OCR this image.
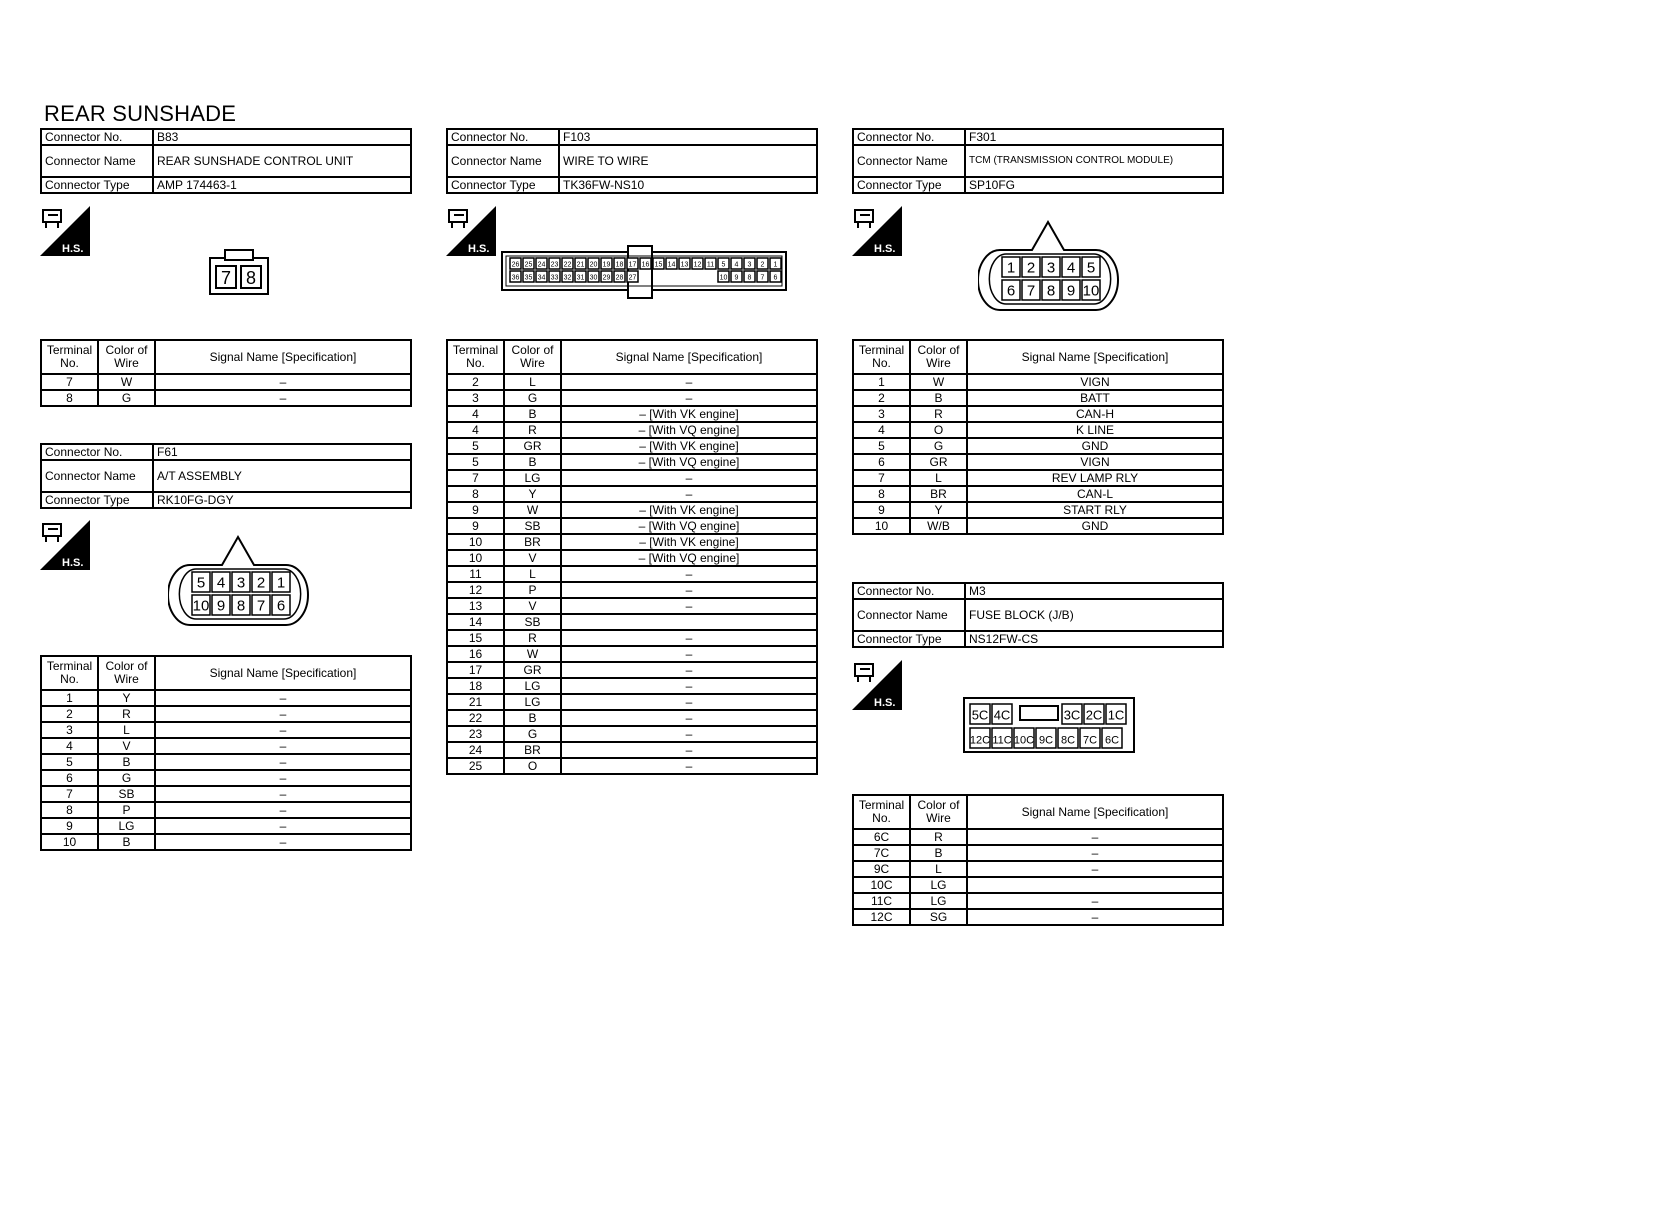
REAR SUNSHADE
Connector No.	B83
Connector Name	REAR SUNSHADE CONTROL UNIT
Connector Type	AMP 174463-1
H.S.
7 8
Terminal No.	Color of Wire	Signal Name [Specification]
7	W	–
8	G	–
Connector No.	F61
Connector Name	A/T ASSEMBLY
Connector Type	RK10FG-DGY
H.S.
5 4 3 2 1
10 9 8 7 6
Terminal No.	Color of Wire	Signal Name [Specification]
1	Y	–
2	R	–
3	L	–
4	V	–
5	B	–
6	G	–
7	SB	–
8	P	–
9	LG	–
10	B	–
Connector No.	F103
Connector Name	WIRE TO WIRE
Connector Type	TK36FW-NS10
H.S.
26 25 24 23 22 21 20 19 18 17 16 15 14 13 12 11
36 35 34 33 32 31 30 29 28 27
5 4 3 2 1
10 9 8 7 6
Terminal No.	Color of Wire	Signal Name [Specification]
2	L	–
3	G	–
4	B	– [With VK engine]
4	R	– [With VQ engine]
5	GR	– [With VK engine]
5	B	– [With VQ engine]
7	LG	–
8	Y	–
9	W	– [With VK engine]
9	SB	– [With VQ engine]
10	BR	– [With VK engine]
10	V	– [With VQ engine]
11	L	–
12	P	–
13	V	–
14	SB	
15	R	–
16	W	–
17	GR	–
18	LG	–
21	LG	–
22	B	–
23	G	–
24	BR	–
25	O	–
Connector No.	F301
Connector Name	TCM (TRANSMISSION CONTROL MODULE)
Connector Type	SP10FG
H.S.
1 2 3 4 5
6 7 8 9 10
Terminal No.	Color of Wire	Signal Name [Specification]
1	W	VIGN
2	B	BATT
3	R	CAN-H
4	O	K LINE
5	G	GND
6	GR	VIGN
7	L	REV LAMP RLY
8	BR	CAN-L
9	Y	START RLY
10	W/B	GND
Connector No.	M3
Connector Name	FUSE BLOCK (J/B)
Connector Type	NS12FW-CS
H.S.
5C 4C	3C 2C 1C
12C 11C 10C 9C 8C 7C 6C
Terminal No.	Color of Wire	Signal Name [Specification]
6C	R	–
7C	B	–
9C	L	–
10C	LG	
11C	LG	–
12C	SG	–
